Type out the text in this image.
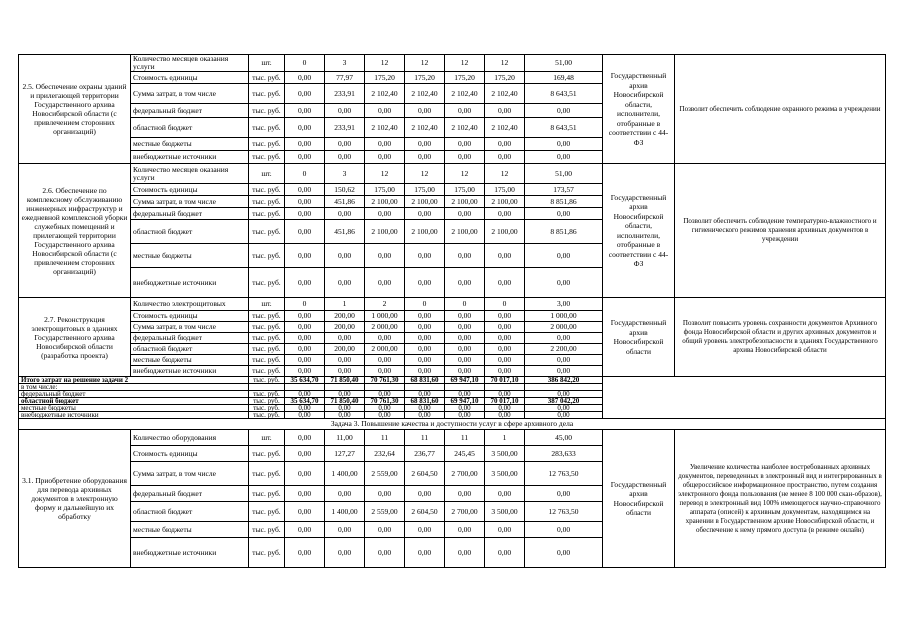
2.5. Обеспечение охраны зданий и прилегающей территории Государственного архива Новосибирской области (с привлечением сторонних организаций)	Количество месяцев оказания услуги	шт.	0	3	12	12	12	12	51,00	Государственный архив Новосибирской области, исполнители, отобранные в соответствии с 44-ФЗ	Позволит обеспечить соблюдение охранного режима в учреждении
	Стоимость единицы	тыс. руб.	0,00	77,97	175,20	175,20	175,20	175,20	169,48		
	Сумма затрат, в том числе	тыс. руб.	0,00	233,91	2 102,40	2 102,40	2 102,40	2 102,40	8 643,51		
	федеральный бюджет	тыс. руб.	0,00	0,00	0,00	0,00	0,00	0,00	0,00		
	областной бюджет	тыс. руб.	0,00	233,91	2 102,40	2 102,40	2 102,40	2 102,40	8 643,51		
	местные бюджеты	тыс. руб.	0,00	0,00	0,00	0,00	0,00	0,00	0,00		
	внебюджетные источники	тыс. руб.	0,00	0,00	0,00	0,00	0,00	0,00	0,00		
2.6. Обеспечение по комплексному обслуживанию инженерных инфраструктур и ежедневной комплексной уборки служебных помещений и прилегающей территории Государственного архива Новосибирской области (с привлечением сторонних организаций)	Количество месяцев оказания услуги	шт.	0	3	12	12	12	12	51,00	Государственный архив Новосибирской области, исполнители, отобранные в соответствии с 44-ФЗ	Позволит обеспечить соблюдение температурно-влажностного и гигиенического режимов хранения архивных документов в учреждении
	Стоимость единицы	тыс. руб.	0,00	150,62	175,00	175,00	175,00	175,00	173,57		
	Сумма затрат, в том числе	тыс. руб.	0,00	451,86	2 100,00	2 100,00	2 100,00	2 100,00	8 851,86		
	федеральный бюджет	тыс. руб.	0,00	0,00	0,00	0,00	0,00	0,00	0,00		
	областной бюджет	тыс. руб.	0,00	451,86	2 100,00	2 100,00	2 100,00	2 100,00	8 851,86		
	местные бюджеты	тыс. руб.	0,00	0,00	0,00	0,00	0,00	0,00	0,00		
	внебюджетные источники	тыс. руб.	0,00	0,00	0,00	0,00	0,00	0,00	0,00		
2.7. Реконструкция электрощитовых в зданиях Государственного архива Новосибирской области (разработка проекта)	Количество электрощитовых	шт.	0	1	2	0	0	0	3,00	Государственный архив Новосибирской области	Позволит повысить уровень сохранности документов Архивного фонда Новосибирской области и других архивных документов и общий уровень электробезопасности в зданиях Государственного архива Новосибирской области
	Стоимость единицы	тыс. руб.	0,00	200,00	1 000,00	0,00	0,00	0,00	1 000,00		
	Сумма затрат, в том числе	тыс. руб.	0,00	200,00	2 000,00	0,00	0,00	0,00	2 000,00		
	федеральный бюджет	тыс. руб.	0,00	0,00	0,00	0,00	0,00	0,00	0,00		
	областной бюджет	тыс. руб.	0,00	200,00	2 000,00	0,00	0,00	0,00	2 200,00		
	местные бюджеты	тыс. руб.	0,00	0,00	0,00	0,00	0,00	0,00	0,00		
	внебюджетные источники	тыс. руб.	0,00	0,00	0,00	0,00	0,00	0,00	0,00		
Итого затрат на решение задачи 2		тыс. руб.	35 634,70	71 850,40	70 761,30	68 831,60	69 947,10	70 017,10	386 842,20		
в том числе:											
федеральный бюджет		тыс. руб.	0,00	0,00	0,00	0,00	0,00	0,00	0,00		
областной бюджет		тыс. руб.	35 634,70	71 850,40	70 761,30	68 831,60	69 947,10	70 017,10	387 042,20		
местные бюджеты		тыс. руб.	0,00	0,00	0,00	0,00	0,00	0,00	0,00		
внебюджетные источники		тыс. руб.	0,00	0,00	0,00	0,00	0,00	0,00	0,00		
Задача 3. Повышение качества и доступности услуг в сфере архивного дела											
3.1. Приобретение оборудования для перевода архивных документов в электронную форму и дальнейшую их обработку	Количество оборудования	шт.	0,00	11,00	11	11	11	1	45,00	Государственный архив Новосибирской области	Увеличение количества наиболее востребованных архивных документов, переведенных в электронный вид и интегрированных в общероссийское информационное пространство, путем создания электронного фонда пользования (не менее 8 100 000 скан-образов), перевод в электронный вид 100% имеющегося научно-справочного аппарата (описей) к архивным документам, находящимся на хранении в Государственном архиве Новосибирской области, и обеспечение к нему прямого доступа (в режиме онлайн)
	Стоимость единицы	тыс. руб.	0,00	127,27	232,64	236,77	245,45	3 500,00	283,633		
	Сумма затрат, в том числе	тыс. руб.	0,00	1 400,00	2 559,00	2 604,50	2 700,00	3 500,00	12 763,50		
	федеральный бюджет	тыс. руб.	0,00	0,00	0,00	0,00	0,00	0,00	0,00		
	областной бюджет	тыс. руб.	0,00	1 400,00	2 559,00	2 604,50	2 700,00	3 500,00	12 763,50		
	местные бюджеты	тыс. руб.	0,00	0,00	0,00	0,00	0,00	0,00	0,00		
	внебюджетные источники	тыс. руб.	0,00	0,00	0,00	0,00	0,00	0,00	0,00		
